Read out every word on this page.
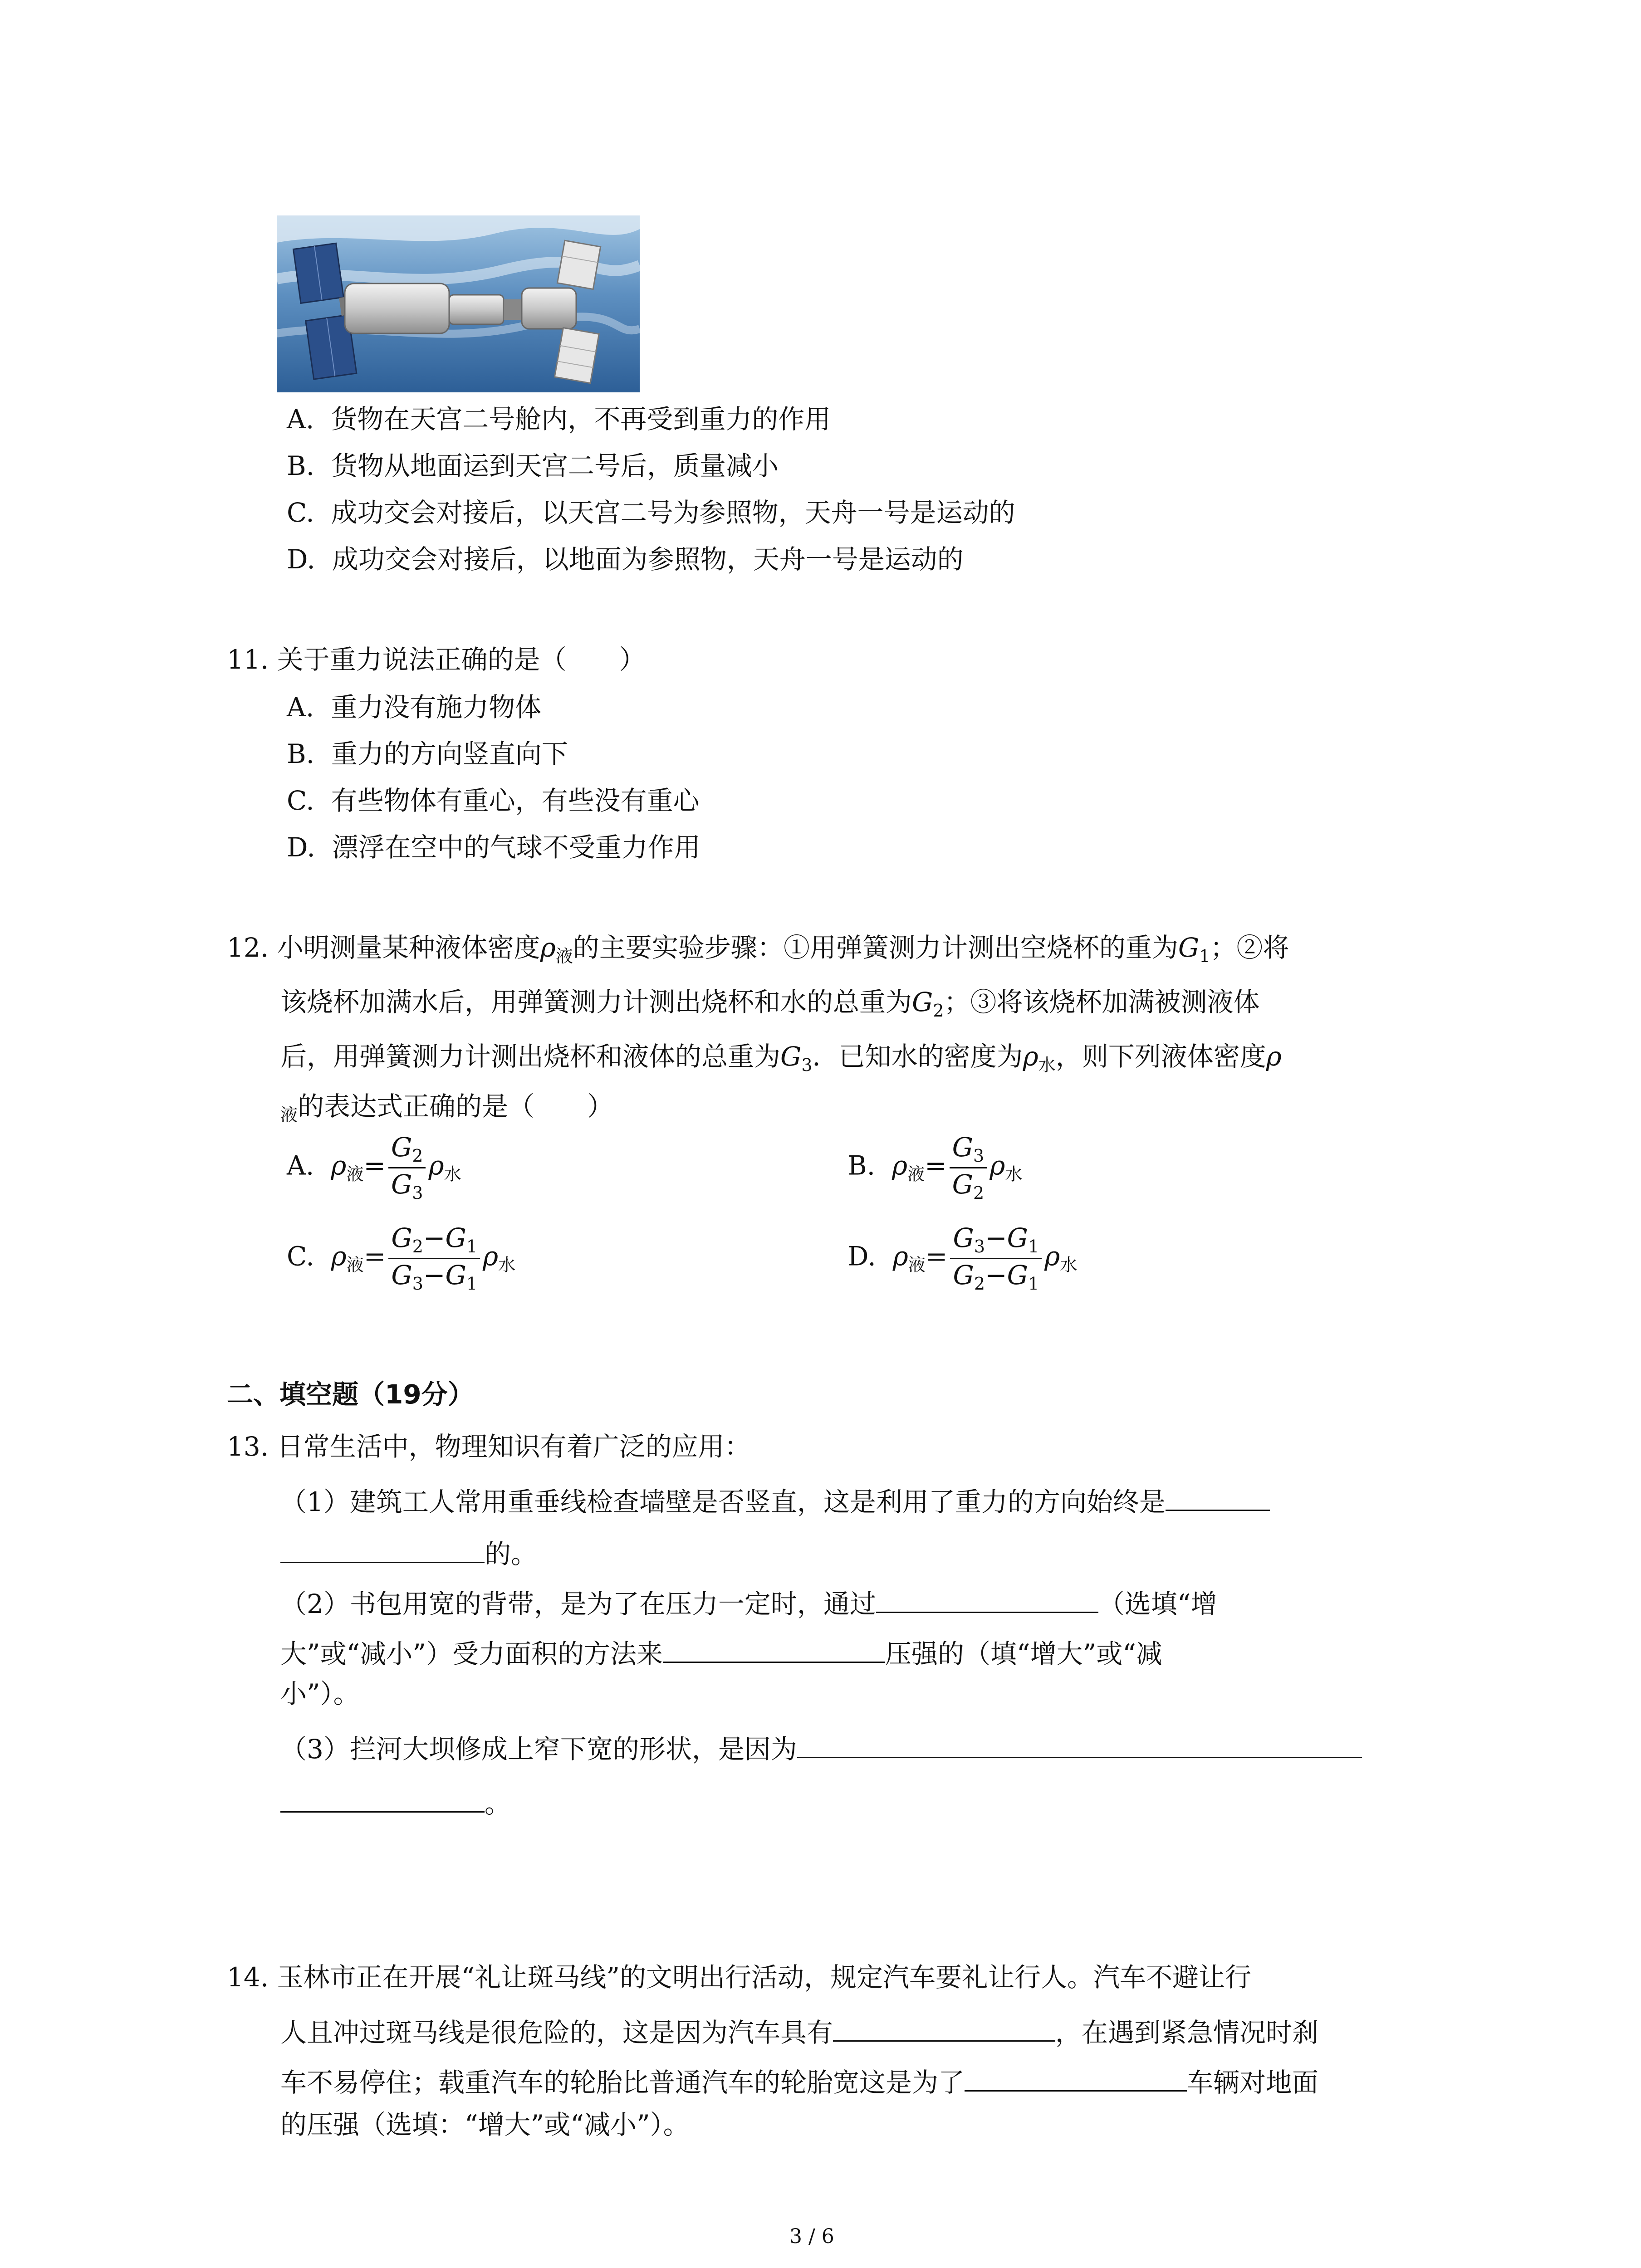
A. 货物在天宫二号舱内，不再受到重力的作用
B. 货物从地面运到天宫二号后，质量减小
C. 成功交会对接后，以天宫二号为参照物，天舟一号是运动的
D. 成功交会对接后，以地面为参照物，天舟一号是运动的
11. 关于重力说法正确的是（　　）
A. 重力没有施力物体
B. 重力的方向竖直向下
C. 有些物体有重心，有些没有重心
D. 漂浮在空中的气球不受重力作用
12. 小明测量某种液体密度$\rho_液$的主要实验步骤：①用弹簧测力计测出空烧杯的重为$G_1$；②将
该烧杯加满水后，用弹簧测力计测出烧杯和水的总重为$G_2$；③将该烧杯加满被测液体
后，用弹簧测力计测出烧杯和液体的总重为$G_3$．已知水的密度为$\rho_水$，则下列液体密度ρ
$_液$的表达式正确的是（　　）
A. $\rho_液= \frac{G_2}{G_3} \rho_水$	B. $\rho_液= \frac{G_3}{G_2} \rho_水$
C. $\rho_液= \frac{G_2-G_1}{G_3-G_1} \rho_水$	D. $\rho_液= \frac{G_3-G_1}{G_2-G_1} \rho_水$
二、填空题（19分）
13. 日常生活中，物理知识有着广泛的应用：
（1）建筑工人常用重垂线检查墙壁是否竖直，这是利用了重力的方向始终是
的。
（2）书包用宽的背带，是为了在压力一定时，通过	（选填“增
大”或“减小”）受力面积的方法来	压强的（填“增大”或“减
小”）。
（3）拦河大坝修成上窄下宽的形状，是因为
。
14. 玉林市正在开展“礼让斑马线”的文明出行活动，规定汽车要礼让行人。汽车不避让行
人且冲过斑马线是很危险的，这是因为汽车具有	，在遇到紧急情况时刹
车不易停住；载重汽车的轮胎比普通汽车的轮胎宽这是为了	车辆对地面
的压强（选填：“增大”或“减小”）。
3 / 6
